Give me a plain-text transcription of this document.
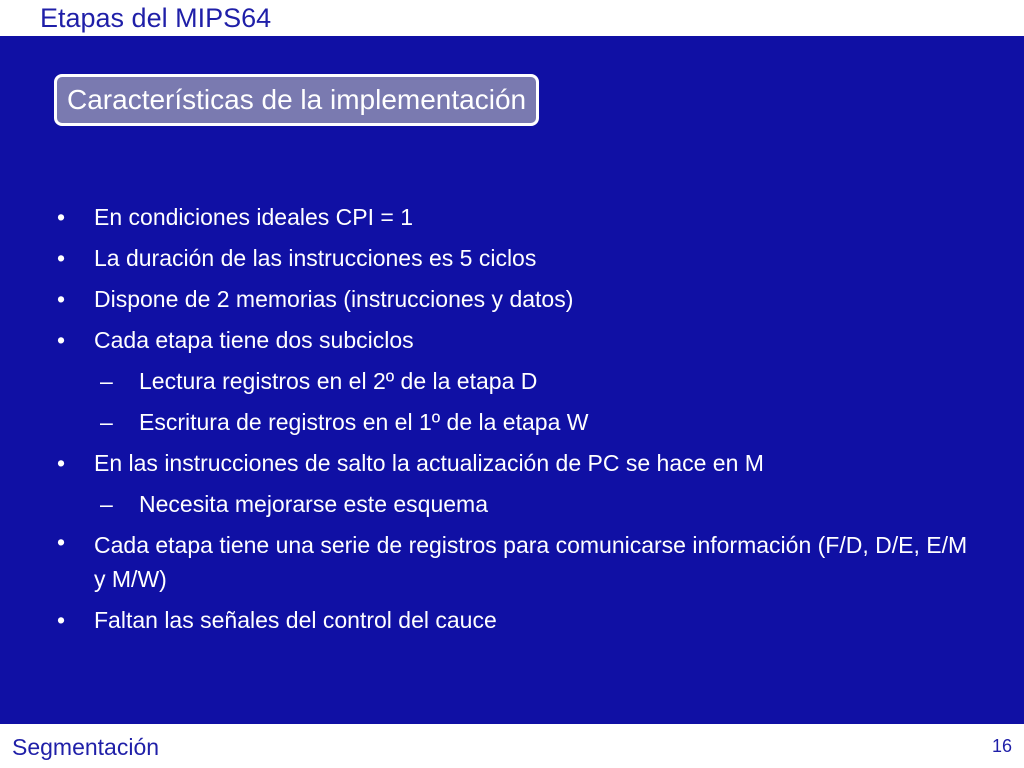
Etapas del MIPS64
Características de la implementación
• En condiciones ideales CPI = 1
• La duración de las instrucciones es 5 ciclos
• Dispone de 2 memorias (instrucciones y datos)
• Cada etapa tiene dos subciclos
– Lectura registros en el 2º de la etapa D
– Escritura de registros en el 1º de la etapa W
• En las instrucciones de salto la actualización de PC se hace en M
– Necesita mejorarse este esquema
• Cada etapa tiene una serie de registros para comunicarse información (F/D, D/E, E/M y M/W)
• Faltan las señales del control del cauce
Segmentación	16
